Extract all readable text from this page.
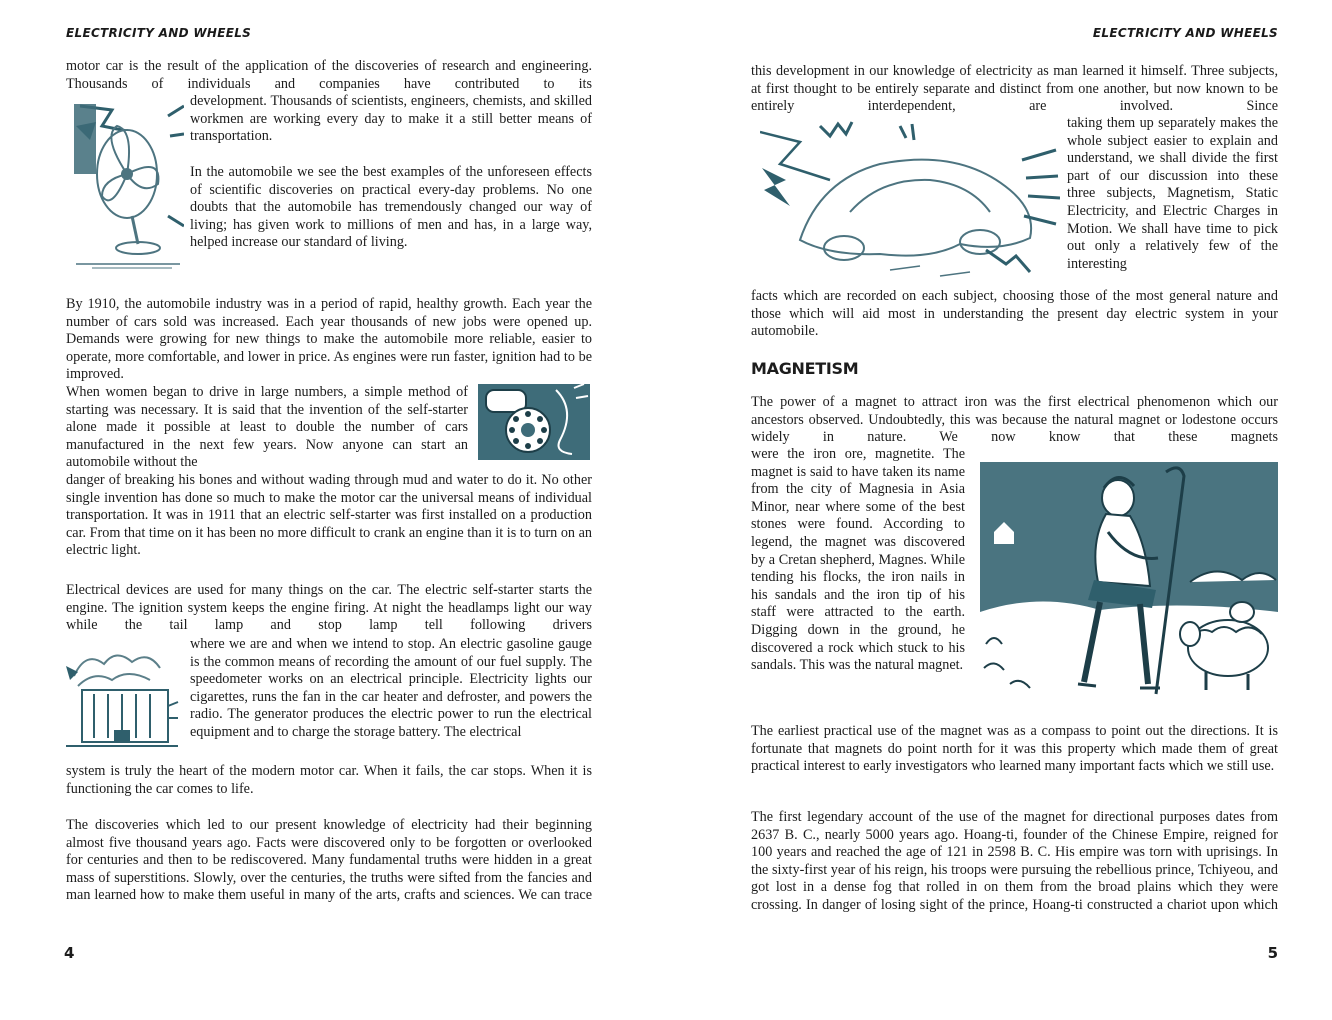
ELECTRICITY AND WHEELS

motor car is the result of the application of the discoveries of research and engineering. Thousands of individuals and companies have contributed to its

development. Thousands of scientists, engineers, chemists, and skilled workmen are working every day to make it a still better means of transportation.

In the automobile we see the best examples of the unforeseen effects of scientific discoveries on practical every-day problems. No one doubts that the automobile has tremendously changed our way of living; has given work to millions of men and has, in a large way, helped increase our standard of living.

By 1910, the automobile industry was in a period of rapid, healthy growth. Each year the number of cars sold was increased. Each year thousands of new jobs were opened up. Demands were growing for new things to make the automobile more reliable, easier to operate, more comfortable, and lower in price. As engines were run faster, ignition had to be improved.

When women began to drive in large numbers, a simple method of starting was necessary. It is said that the invention of the self-starter alone made it possible at least to double the number of cars manufactured in the next few years. Now anyone can start an automobile without the

danger of breaking his bones and without wading through mud and water to do it. No other single invention has done so much to make the motor car the universal means of individual transportation. It was in 1911 that an electric self-starter was first installed on a production car. From that time on it has been no more difficult to crank an engine than it is to turn on an electric light.

Electrical devices are used for many things on the car. The electric self-starter starts the engine. The ignition system keeps the engine firing. At night the headlamps light our way while the tail lamp and stop lamp tell following drivers

where we are and when we intend to stop. An electric gasoline gauge is the common means of recording the amount of our fuel supply. The speedometer works on an electrical principle. Electricity lights our cigarettes, runs the fan in the car heater and defroster, and powers the radio. The generator produces the electric power to run the electrical equipment and to charge the storage battery. The electrical

system is truly the heart of the modern motor car. When it fails, the car stops. When it is functioning the car comes to life.

The discoveries which led to our present knowledge of electricity had their beginning almost five thousand years ago. Facts were discovered only to be forgotten or overlooked for centuries and then to be rediscovered. Many fundamental truths were hidden in a great mass of superstitions. Slowly, over the centuries, the truths were sifted from the fancies and man learned how to make them useful in many of the arts, crafts and sciences. We can trace

4
ELECTRICITY AND WHEELS

this development in our knowledge of electricity as man learned it himself. Three subjects, at first thought to be entirely separate and distinct from one another, but now known to be entirely interdependent, are involved. Since

taking them up separately makes the whole subject easier to explain and understand, we shall divide the first part of our discussion into these three subjects, Magnetism, Static Electricity, and Electric Charges in Motion. We shall have time to pick out only a relatively few of the interesting

facts which are recorded on each subject, choosing those of the most general nature and those which will aid most in understanding the present day electric system in your automobile.

MAGNETISM

The power of a magnet to attract iron was the first electrical phenomenon which our ancestors observed. Undoubtedly, this was because the natural magnet or lodestone occurs widely in nature. We now know that these magnets

were the iron ore, magnetite. The magnet is said to have taken its name from the city of Magnesia in Asia Minor, near where some of the best stones were found. According to legend, the magnet was discovered by a Cretan shepherd, Magnes. While tending his flocks, the iron nails in his sandals and the iron tip of his staff were attracted to the earth. Digging down in the ground, he discovered a rock which stuck to his sandals. This was the natural magnet.

The earliest practical use of the magnet was as a compass to point out the directions. It is fortunate that magnets do point north for it was this property which made them of great practical interest to early investigators who learned many important facts which we still use.

The first legendary account of the use of the magnet for directional purposes dates from 2637 B. C., nearly 5000 years ago. Hoang-ti, founder of the Chinese Empire, reigned for 100 years and reached the age of 121 in 2598 B. C. His empire was torn with uprisings. In the sixty-first year of his reign, his troops were pursuing the rebellious prince, Tchiyeou, and got lost in a dense fog that rolled in on them from the broad plains which they were crossing. In danger of losing sight of the prince, Hoang-ti constructed a chariot upon which

5
